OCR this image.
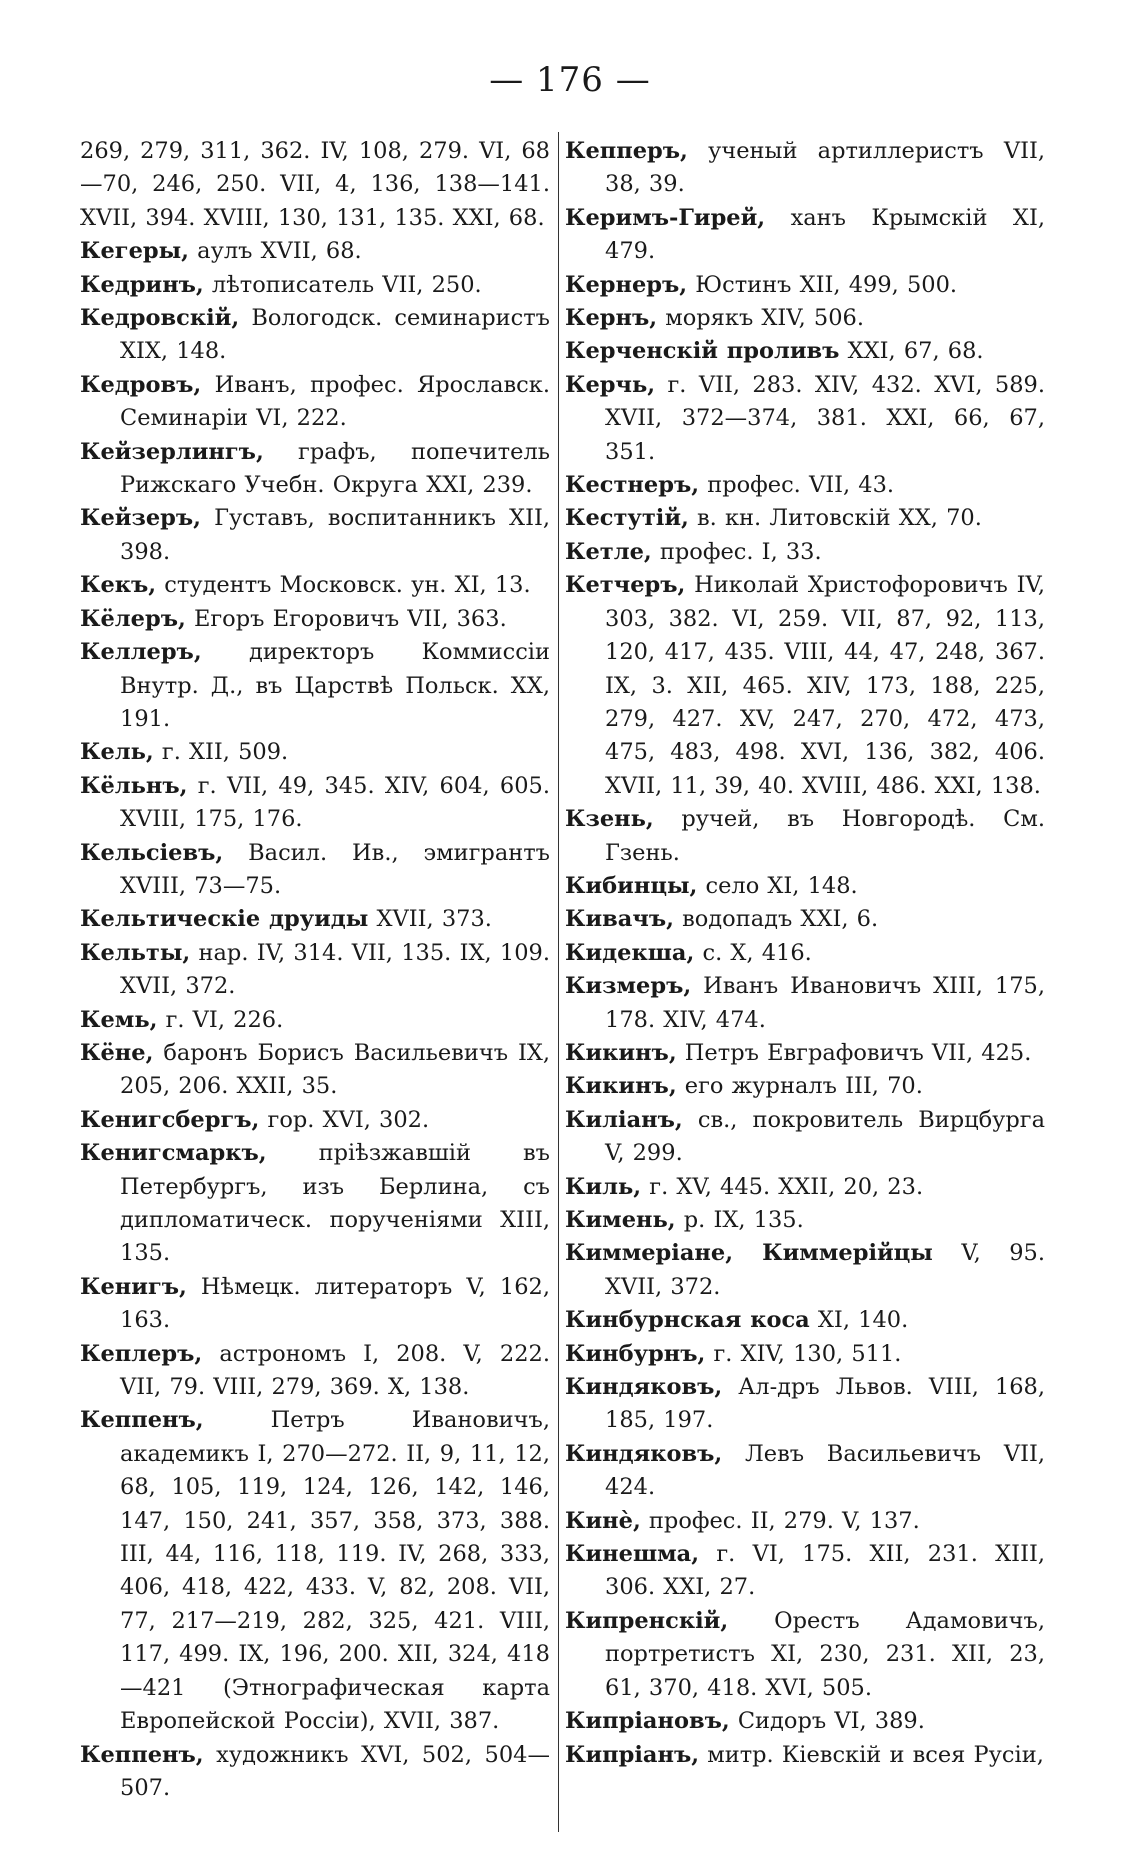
— 176 —

269, 279, 311, 362. IV, 108, 279. VI, 68—70, 246, 250. VII, 4, 136, 138—141. XVII, 394. XVIII, 130, 131, 135. XXI, 68.

Кегеры, аулъ XVII, 68.

Кедринъ, лѣтописатель VII, 250.

Кедровскій, Вологодск. семинаристъ XIX, 148.

Кедровъ, Иванъ, профес. Ярославск. Семинаріи VI, 222.

Кейзерлингъ, графъ, попечитель Рижскаго Учебн. Округа XXI, 239.

Кейзеръ, Густавъ, воспитанникъ XII, 398.

Кекъ, студентъ Московск. ун. XI, 13.

Кёлеръ, Егоръ Егоровичъ VII, 363.

Келлеръ, директоръ Коммиссіи Внутр. Д., въ Царствѣ Польск. XX, 191.

Кель, г. XII, 509.

Кёльнъ, г. VII, 49, 345. XIV, 604, 605. XVIII, 175, 176.

Кельсіевъ, Васил. Ив., эмигрантъ XVIII, 73—75.

Кельтическіе друиды XVII, 373.

Кельты, нар. IV, 314. VII, 135. IX, 109. XVII, 372.

Кемь, г. VI, 226.

Кёне, баронъ Борисъ Васильевичъ IX, 205, 206. XXII, 35.

Кенигсбергъ, гор. XVI, 302.

Кенигсмаркъ, пріѣзжавшій въ Петербургъ, изъ Берлина, съ дипломатическ. порученіями XIII, 135.

Кенигъ, Нѣмецк. литераторъ V, 162, 163.

Кеплеръ, астрономъ I, 208. V, 222. VII, 79. VIII, 279, 369. X, 138.

Кеппенъ, Петръ Ивановичъ, академикъ I, 270—272. II, 9, 11, 12, 68, 105, 119, 124, 126, 142, 146, 147, 150, 241, 357, 358, 373, 388. III, 44, 116, 118, 119. IV, 268, 333, 406, 418, 422, 433. V, 82, 208. VII, 77, 217—219, 282, 325, 421. VIII, 117, 499. IX, 196, 200. XII, 324, 418—421 (Этнографическая карта Европейской Россіи), XVII, 387.

Кеппенъ, художникъ XVI, 502, 504—507.

Кепперъ, ученый артиллеристъ VII, 38, 39.

Керимъ-Гирей, ханъ Крымскій XI, 479.

Кернеръ, Юстинъ XII, 499, 500.

Кернъ, морякъ XIV, 506.

Керченскій проливъ XXI, 67, 68.

Керчь, г. VII, 283. XIV, 432. XVI, 589. XVII, 372—374, 381. XXI, 66, 67, 351.

Кестнеръ, профес. VII, 43.

Кестутій, в. кн. Литовскій XX, 70.

Кетле, профес. I, 33.

Кетчеръ, Николай Христофоровичъ IV, 303, 382. VI, 259. VII, 87, 92, 113, 120, 417, 435. VIII, 44, 47, 248, 367. IX, 3. XII, 465. XIV, 173, 188, 225, 279, 427. XV, 247, 270, 472, 473, 475, 483, 498. XVI, 136, 382, 406. XVII, 11, 39, 40. XVIII, 486. XXI, 138.

Кзень, ручей, въ Новгородѣ. См. Гзень.

Кибинцы, село XI, 148.

Кивачъ, водопадъ XXI, 6.

Кидекша, с. X, 416.

Кизмеръ, Иванъ Ивановичъ XIII, 175, 178. XIV, 474.

Кикинъ, Петръ Евграфовичъ VII, 425.

Кикинъ, его журналъ III, 70.

Киліанъ, св., покровитель Вирцбурга V, 299.

Киль, г. XV, 445. XXII, 20, 23.

Кимень, р. IX, 135.

Киммеріане, Киммерійцы V, 95. XVII, 372.

Кинбурнская коса XI, 140.

Кинбурнъ, г. XIV, 130, 511.

Киндяковъ, Ал-дръ Львов. VIII, 168, 185, 197.

Киндяковъ, Левъ Васильевичъ VII, 424.

Кинѐ, профес. II, 279. V, 137.

Кинешма, г. VI, 175. XII, 231. XIII, 306. XXI, 27.

Кипренскій, Орестъ Адамовичъ, портретистъ XI, 230, 231. XII, 23, 61, 370, 418. XVI, 505.

Кипріановъ, Сидоръ VI, 389.

Кипріанъ, митр. Кіевскій и всея Русіи,
